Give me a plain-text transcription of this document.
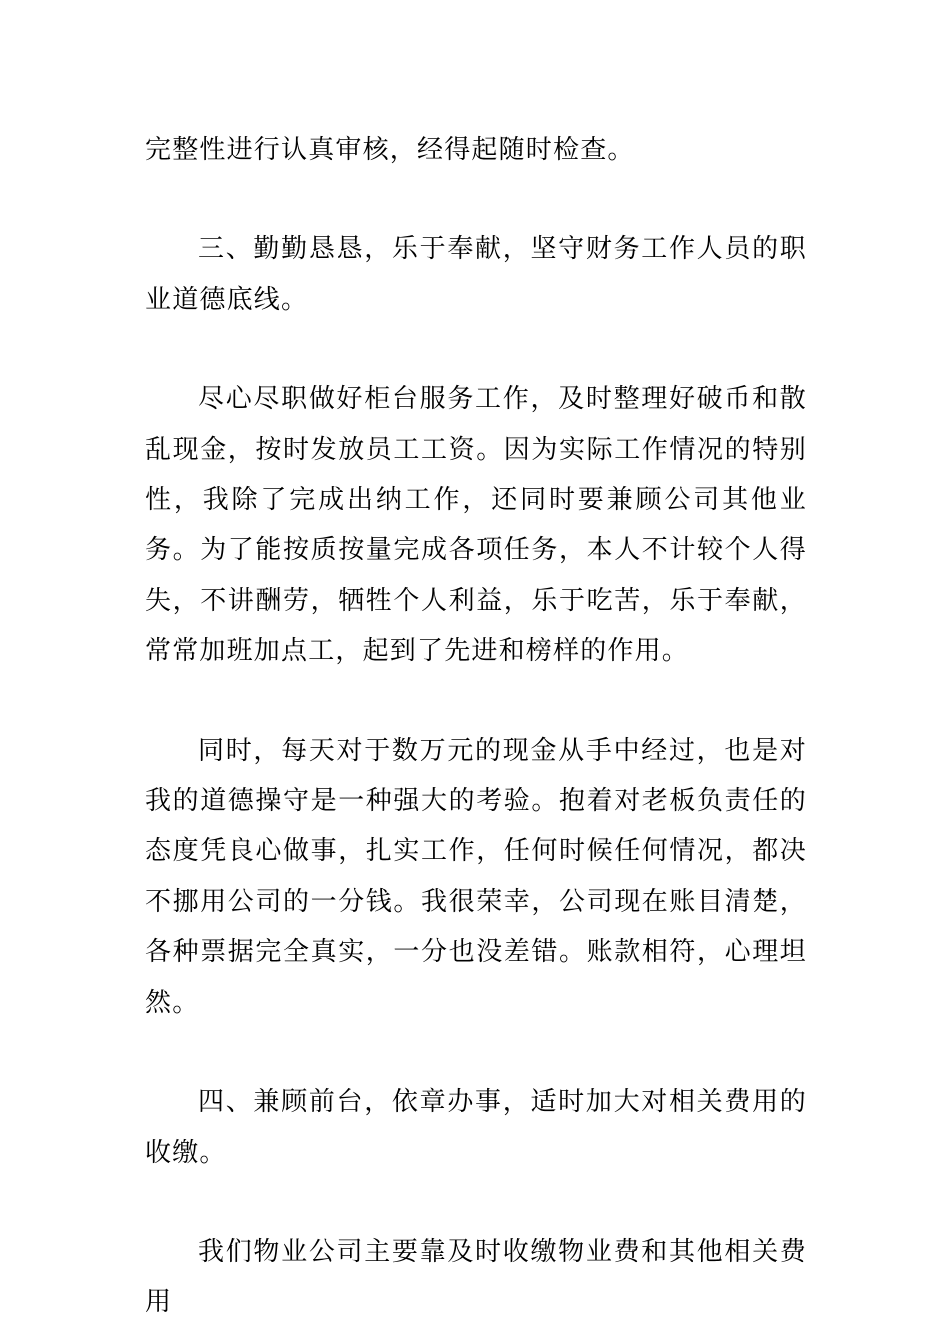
完整性进行认真审核，经得起随时检查。

三、勤勤恳恳，乐于奉献，坚守财务工作人员的职业道德底线。

尽心尽职做好柜台服务工作，及时整理好破币和散乱现金，按时发放员工工资。因为实际工作情况的特别性，我除了完成出纳工作，还同时要兼顾公司其他业务。为了能按质按量完成各项任务，本人不计较个人得失，不讲酬劳，牺牲个人利益，乐于吃苦，乐于奉献，常常加班加点工，起到了先进和榜样的作用。

同时，每天对于数万元的现金从手中经过，也是对我的道德操守是一种强大的考验。抱着对老板负责任的态度凭良心做事，扎实工作，任何时候任何情况，都决不挪用公司的一分钱。我很荣幸，公司现在账目清楚，各种票据完全真实，一分也没差错。账款相符，心理坦然。

四、兼顾前台，依章办事，适时加大对相关费用的收缴。

我们物业公司主要靠及时收缴物业费和其他相关费用
